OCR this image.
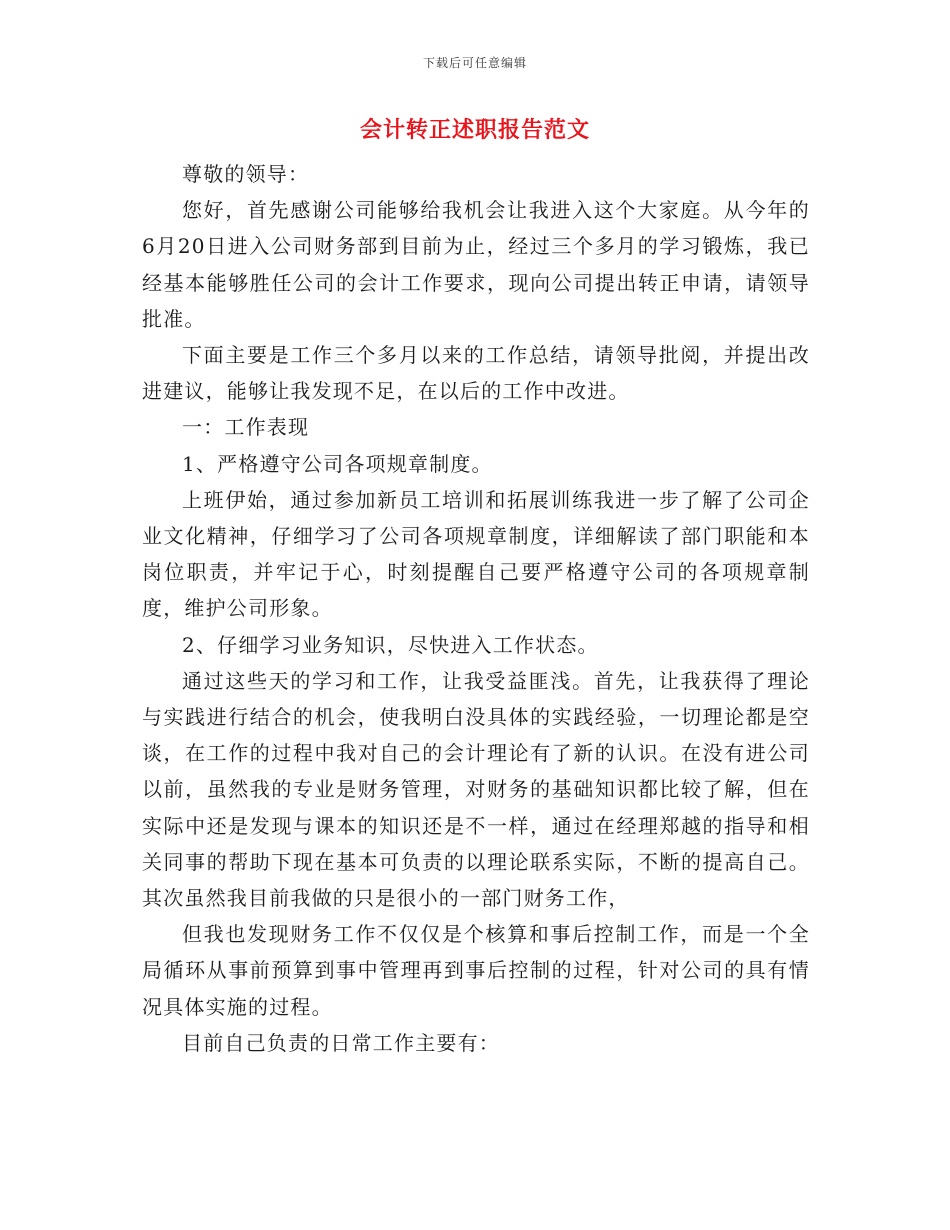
下载后可任意编辑
会计转正述职报告范文

尊敬的领导：

您好，首先感谢公司能够给我机会让我进入这个大家庭。从今年的6月20日进入公司财务部到目前为止，经过三个多月的学习锻炼，我已经基本能够胜任公司的会计工作要求，现向公司提出转正申请，请领导批准。

下面主要是工作三个多月以来的工作总结，请领导批阅，并提出改进建议，能够让我发现不足，在以后的工作中改进。

一：工作表现

1、严格遵守公司各项规章制度。

上班伊始，通过参加新员工培训和拓展训练我进一步了解了公司企业文化精神，仔细学习了公司各项规章制度，详细解读了部门职能和本岗位职责，并牢记于心，时刻提醒自己要严格遵守公司的各项规章制度，维护公司形象。

2、仔细学习业务知识，尽快进入工作状态。

通过这些天的学习和工作，让我受益匪浅。首先，让我获得了理论与实践进行结合的机会，使我明白没具体的实践经验，一切理论都是空谈，在工作的过程中我对自己的会计理论有了新的认识。在没有进公司以前，虽然我的专业是财务管理，对财务的基础知识都比较了解，但在实际中还是发现与课本的知识还是不一样，通过在经理郑越的指导和相关同事的帮助下现在基本可负责的以理论联系实际，不断的提高自己。其次虽然我目前我做的只是很小的一部门财务工作，

但我也发现财务工作不仅仅是个核算和事后控制工作，而是一个全局循环从事前预算到事中管理再到事后控制的过程，针对公司的具有情况具体实施的过程。

目前自己负责的日常工作主要有：
